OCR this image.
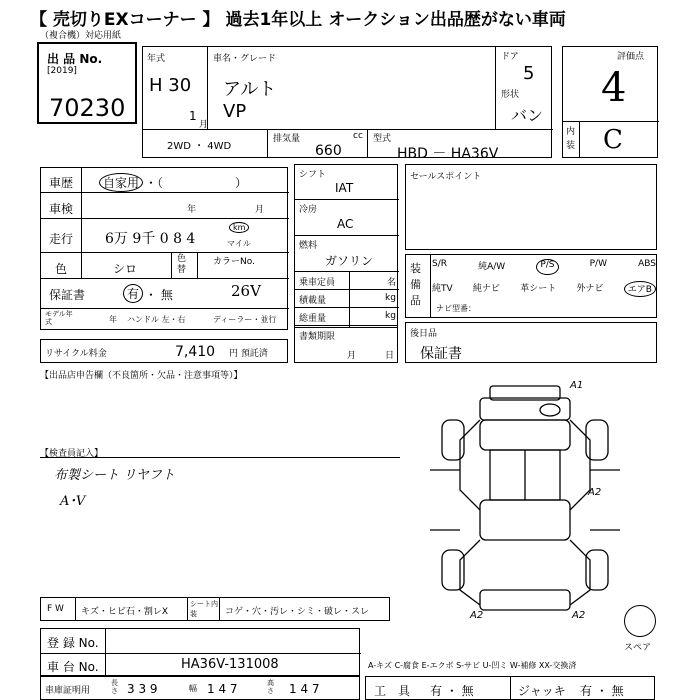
【 売切りEXコーナー 】 過去1年以上 オークション出品歴がない車両
（複合機）対応用紙
出 品 No.
[2019]
70230
年式
H 30
1
月
車名・グレード
アルト
VP
ドア
5
形状
バン
2WD ・ 4WD
排気量	cc
660
型式
HBD － HA36V
評価点
4
内装 C
車歴	自家用 ・（　　　　　　）
車検	年	月
走行 6万 9千 0 8 4
km
マイル
色	シロ
色替
カラーNo.
26V
保証書	有 ・ 無
モデル年式	年 ハンドル 左・右	ディーラー・並行
リサイクル料金	7,410 円 預託済
シフト
IAT
冷房
AC
燃料
ガソリン
乗車定員	名
積載量	kg
総重量	kg
書類期限
月	日
セールスポイント
装備品
S/R	純A/W	P/S	P/W	ABS
純TV 純ナビ 革シート 外ナビ	エアB
ナビ型番：
後日品
保証書
【出品店申告欄（不良箇所・欠品・注意事項等）】
【検査員記入】
布製シート リヤフト
A･V
A1
A2
A2	A2
スペア
F W キズ・ヒビ石・割レX
シート内装	コゲ・穴・汚レ・シミ・破レ・スレ
登 録 No.
車 台 No.	HA36V-131008
車庫証明用
長さ 3 3 9	幅 1 4 7	高さ 1 4 7
A-キズ C-腐食 E-エクボ S-サビ U-凹ミ W-補修 XX-交換済
工　具 有 ・ 無	ジャッキ 有 ・ 無
